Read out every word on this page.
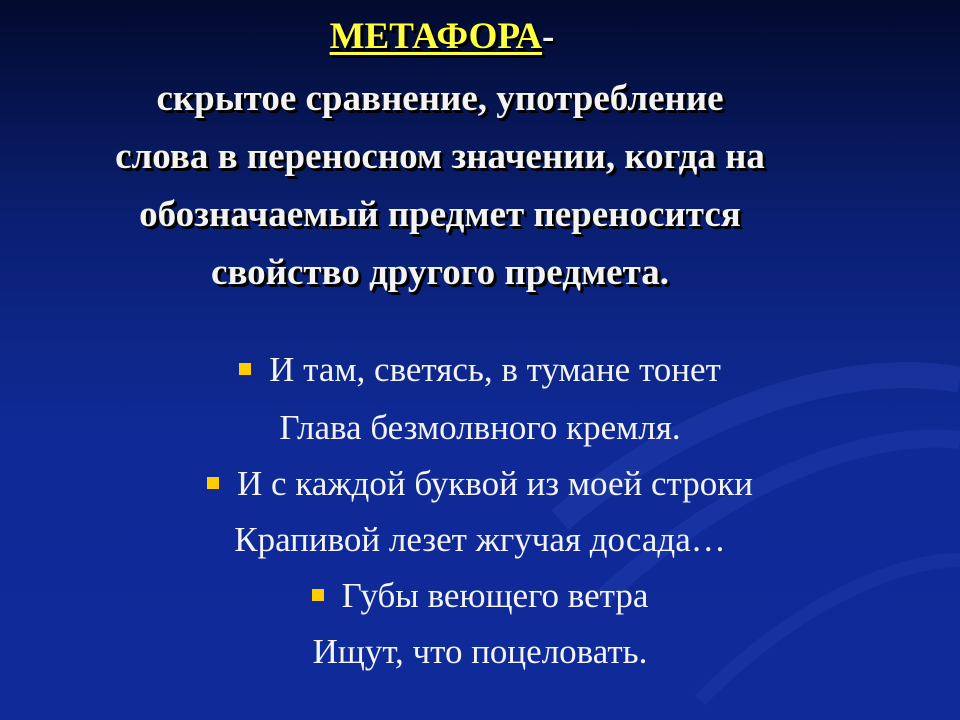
МЕТАФОРА-
скрытое сравнение, употребление
слова в переносном значении, когда на
обозначаемый предмет переносится
свойство другого предмета.
И там, светясь, в тумане тонет
Глава безмолвного кремля.
И с каждой буквой из моей строки
Крапивой лезет жгучая досада…
Губы веющего ветра
Ищут, что поцеловать.
